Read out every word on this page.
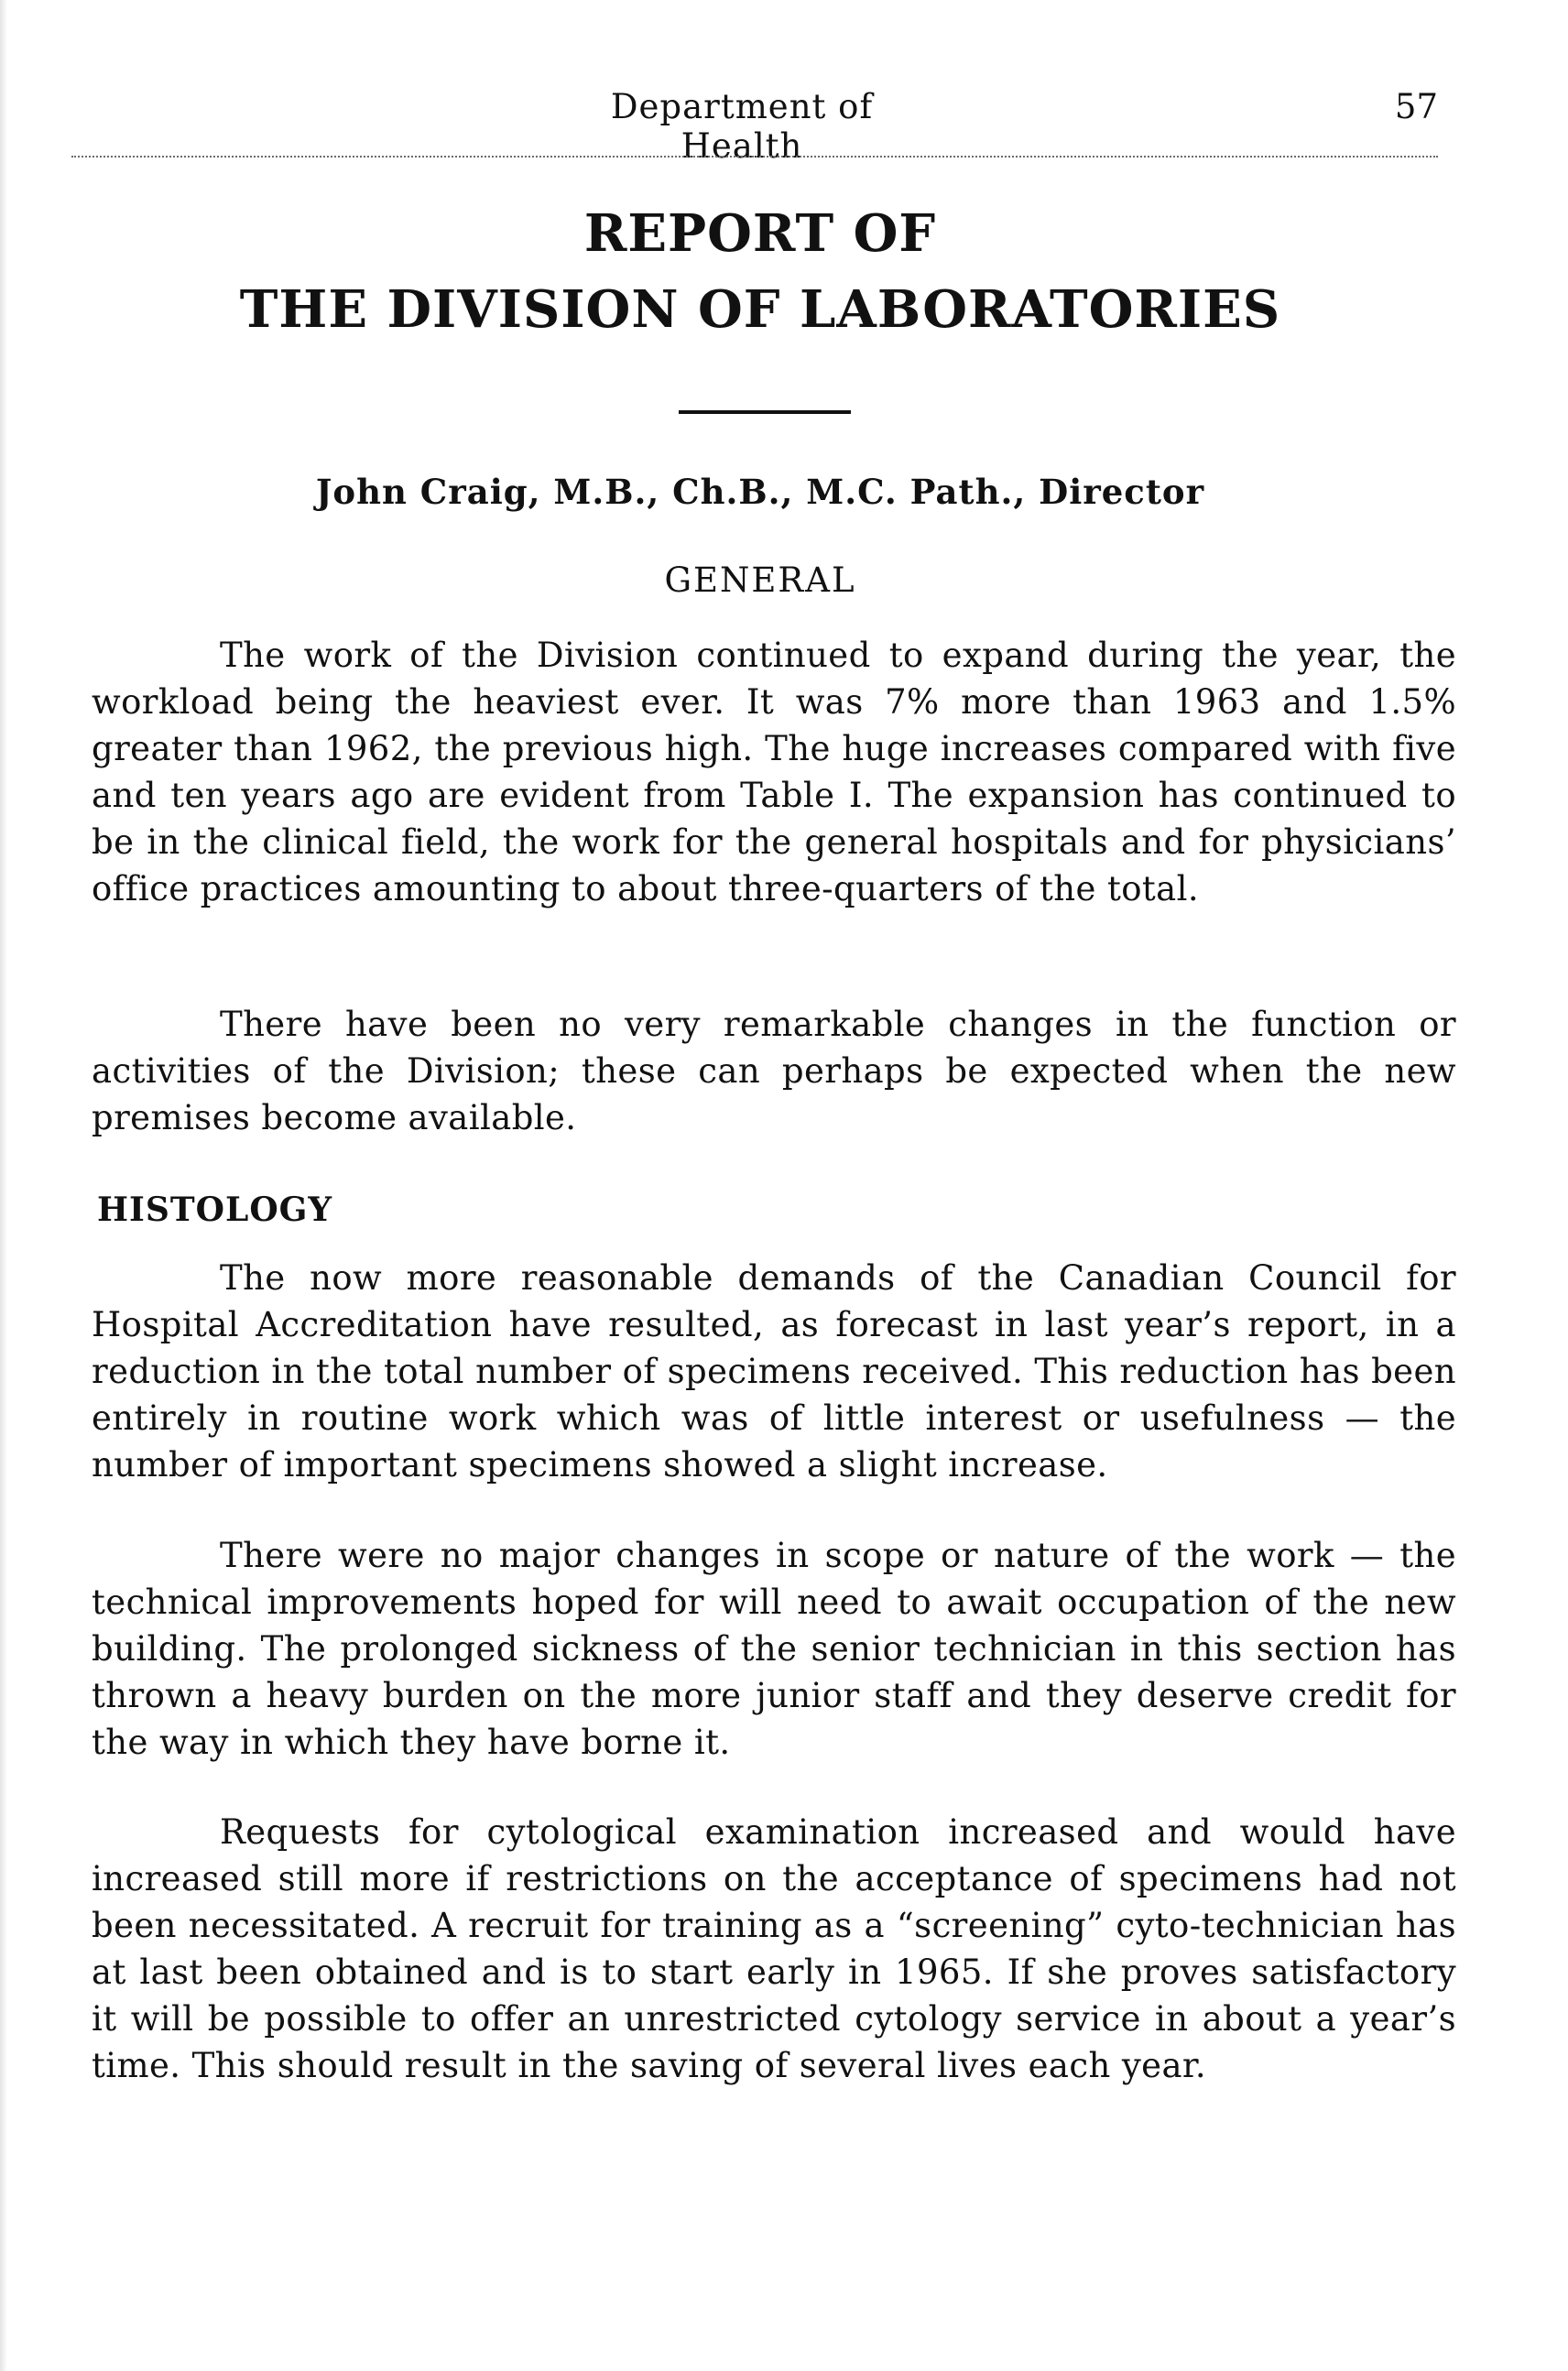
Department of Health
57
REPORT OF
THE DIVISION OF LABORATORIES
John Craig, M.B., Ch.B., M.C. Path., Director
GENERAL

The work of the Division continued to expand during the year, the workload being the heaviest ever. It was 7% more than 1963 and 1.5% greater than 1962, the previous high. The huge increases compared with five and ten years ago are evident from Table I. The expansion has continued to be in the clinical field, the work for the general hospitals and for physicians’ office practices amounting to about three-quarters of the total.

There have been no very remarkable changes in the function or activities of the Division; these can perhaps be expected when the new premises become available.

HISTOLOGY

The now more reasonable demands of the Canadian Council for Hospital Accreditation have resulted, as forecast in last year’s report, in a reduction in the total number of specimens received. This reduction has been entirely in routine work which was of little interest or usefulness — the number of important specimens showed a slight increase.

There were no major changes in scope or nature of the work — the technical improvements hoped for will need to await occupation of the new building. The prolonged sickness of the senior technician in this section has thrown a heavy burden on the more junior staff and they deserve credit for the way in which they have borne it.

Requests for cytological examination increased and would have increased still more if restrictions on the acceptance of specimens had not been necessitated. A recruit for training as a “screening” cyto-technician has at last been obtained and is to start early in 1965. If she proves satisfactory it will be possible to offer an unrestricted cytology service in about a year’s time. This should result in the saving of several lives each year.
